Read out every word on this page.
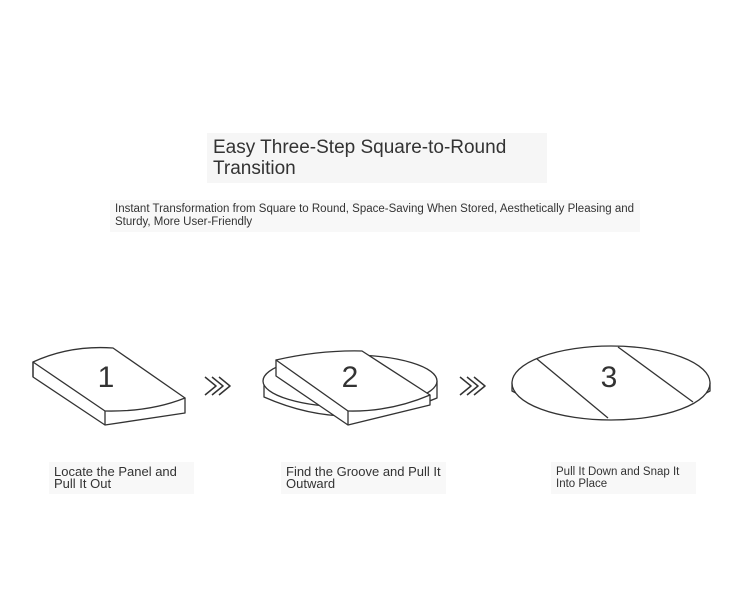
Easy Three-Step Square-to-Round Transition
Instant Transformation from Square to Round, Space-Saving When Stored, Aesthetically Pleasing and Sturdy, More User-Friendly
1	2	3
Locate the Panel and Pull It Out
Find the Groove and Pull It Outward
Pull It Down and Snap It Into Place
